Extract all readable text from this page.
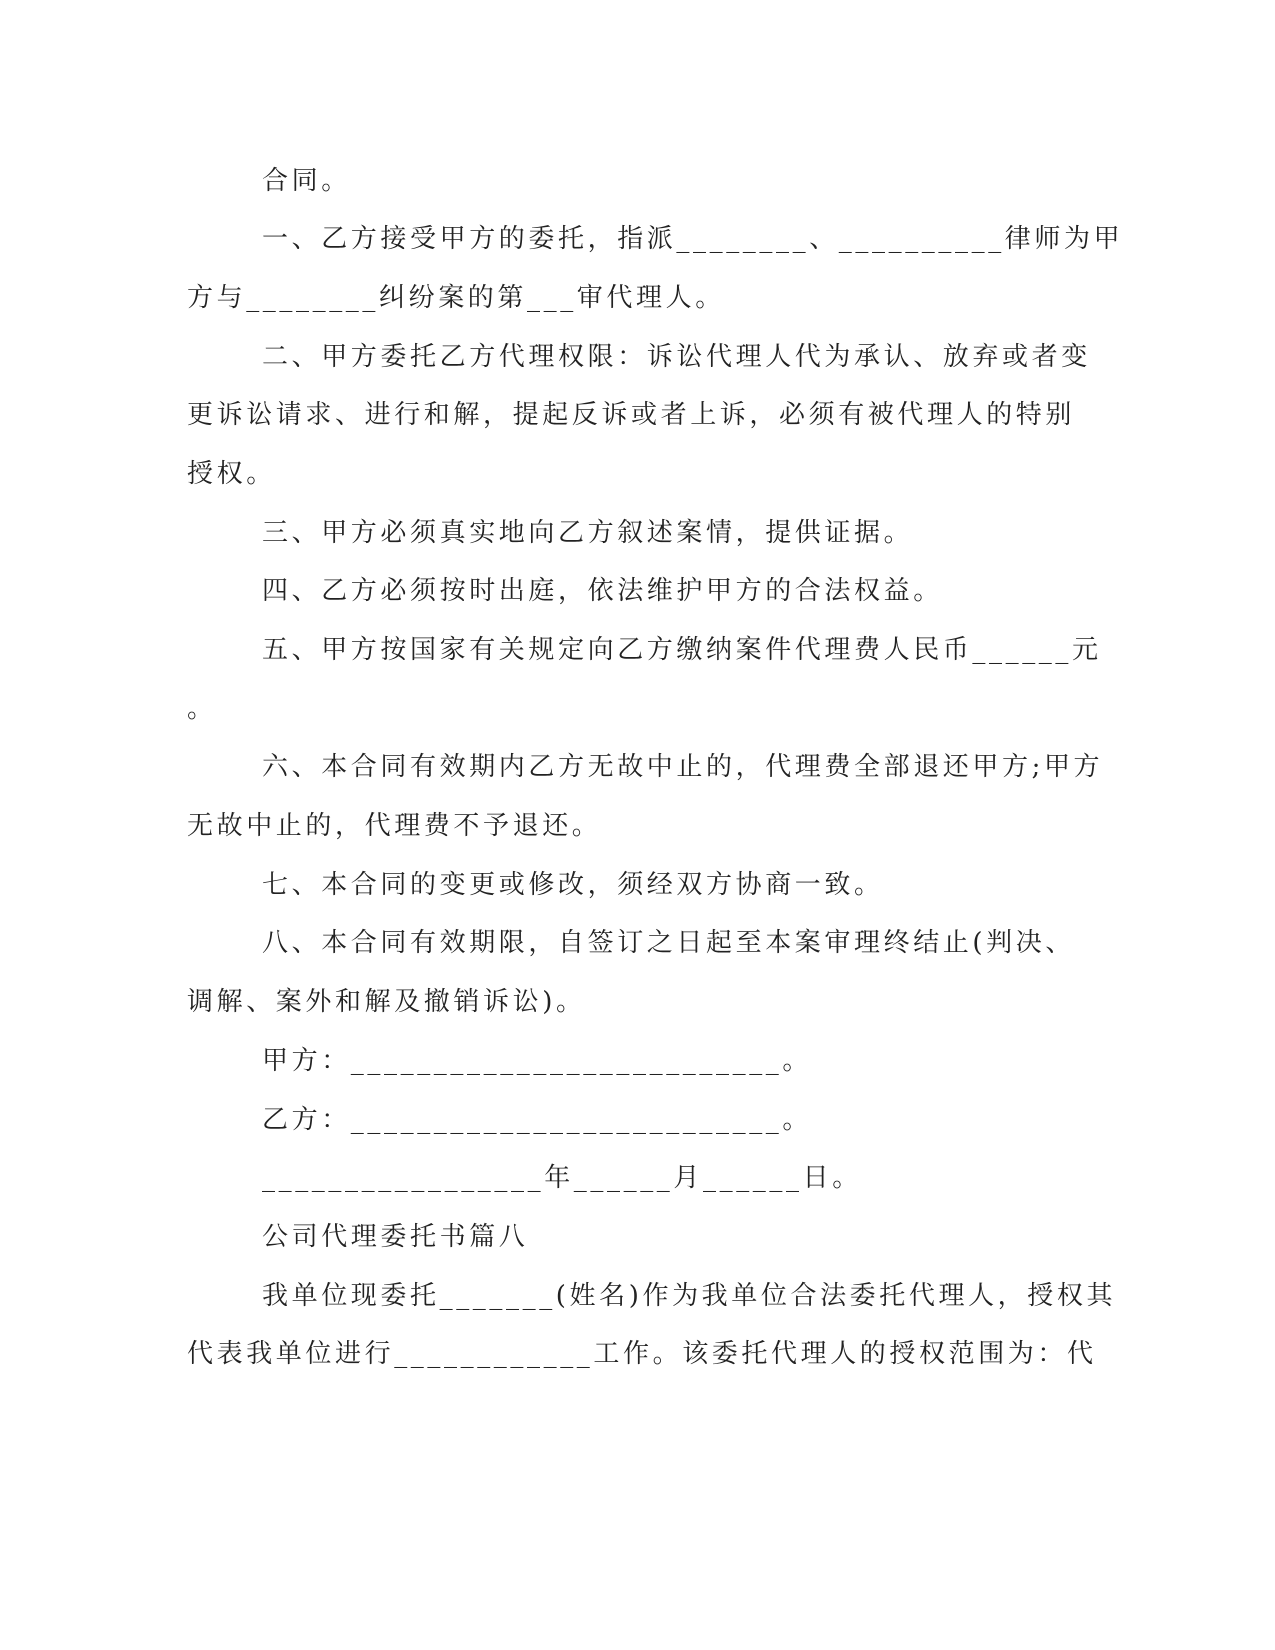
合同。
一、乙方接受甲方的委托，指派________、__________律师为甲
方与________纠纷案的第___审代理人。
二、甲方委托乙方代理权限：诉讼代理人代为承认、放弃或者变
更诉讼请求、进行和解，提起反诉或者上诉，必须有被代理人的特别
授权。
三、甲方必须真实地向乙方叙述案情，提供证据。
四、乙方必须按时出庭，依法维护甲方的合法权益。
五、甲方按国家有关规定向乙方缴纳案件代理费人民币______元
。
六、本合同有效期内乙方无故中止的，代理费全部退还甲方;甲方
无故中止的，代理费不予退还。
七、本合同的变更或修改，须经双方协商一致。
八、本合同有效期限，自签订之日起至本案审理终结止(判决、
调解、案外和解及撤销诉讼)。
甲方：__________________________。
乙方：__________________________。
_________________年______月______日。
公司代理委托书篇八
我单位现委托_______(姓名)作为我单位合法委托代理人，授权其
代表我单位进行____________工作。该委托代理人的授权范围为：代
